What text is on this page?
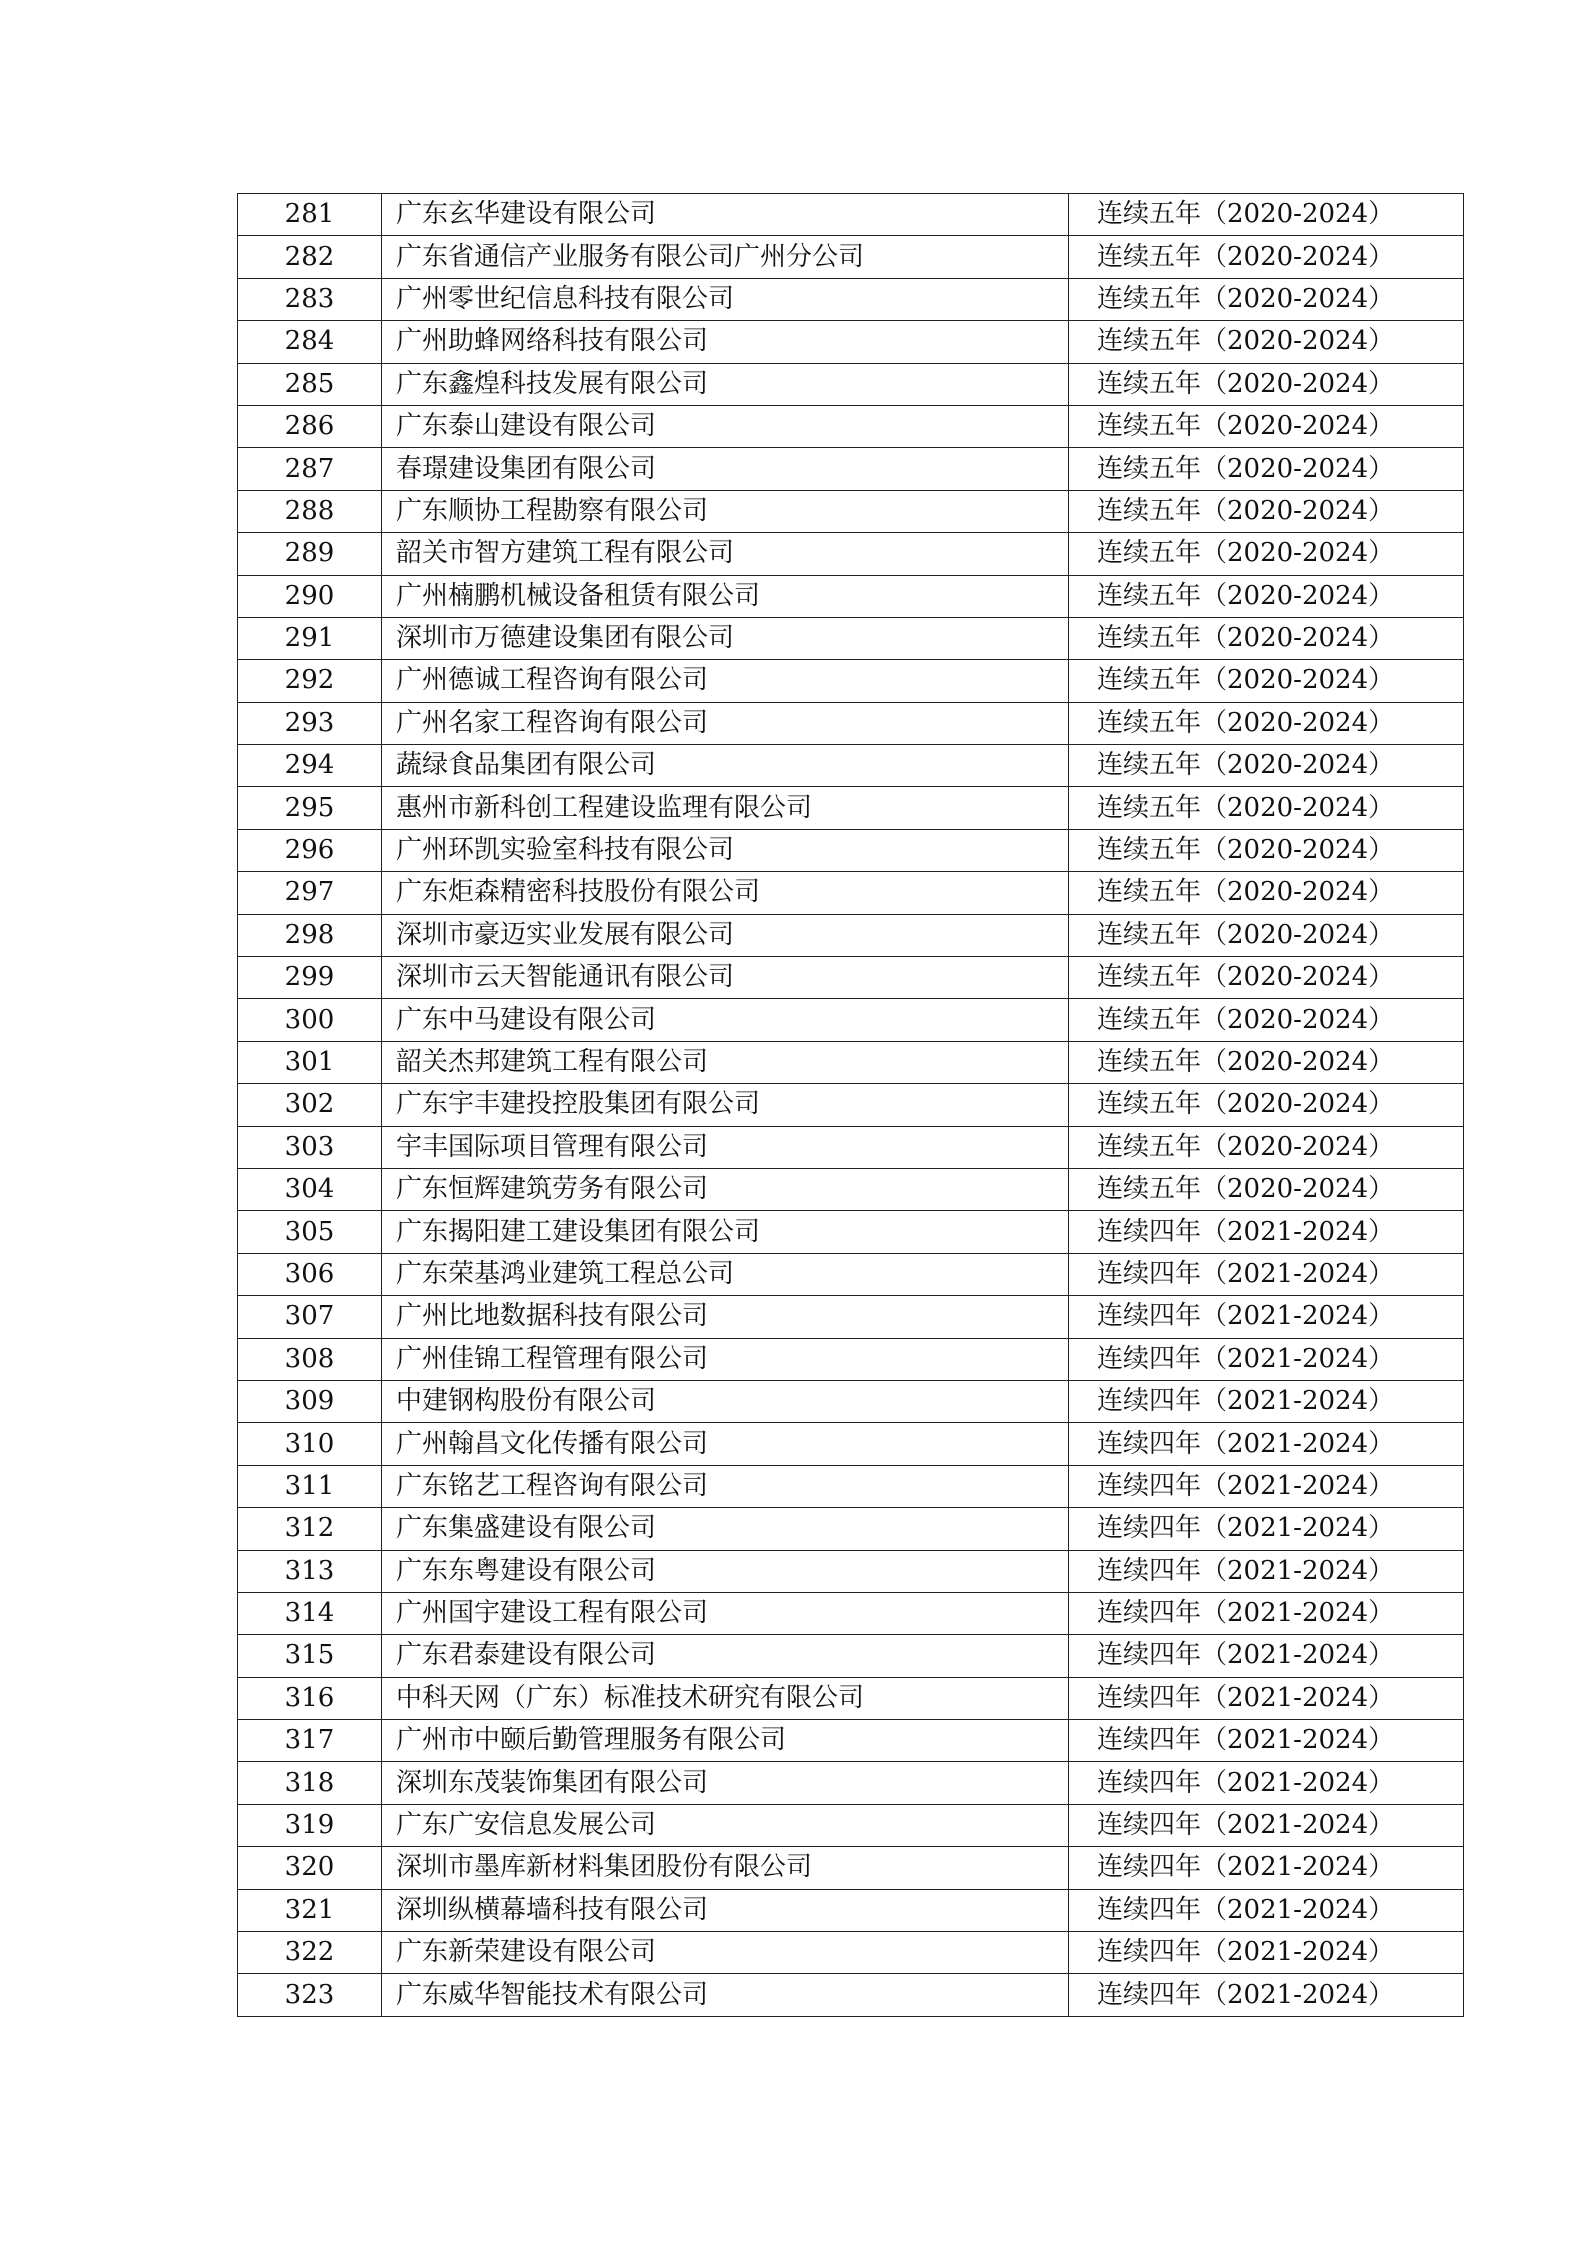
281	广东玄华建设有限公司	连续五年（2020-2024）
282	广东省通信产业服务有限公司广州分公司	连续五年（2020-2024）
283	广州零世纪信息科技有限公司	连续五年（2020-2024）
284	广州助蜂网络科技有限公司	连续五年（2020-2024）
285	广东鑫煌科技发展有限公司	连续五年（2020-2024）
286	广东泰山建设有限公司	连续五年（2020-2024）
287	春璟建设集团有限公司	连续五年（2020-2024）
288	广东顺协工程勘察有限公司	连续五年（2020-2024）
289	韶关市智方建筑工程有限公司	连续五年（2020-2024）
290	广州楠鹏机械设备租赁有限公司	连续五年（2020-2024）
291	深圳市万德建设集团有限公司	连续五年（2020-2024）
292	广州德诚工程咨询有限公司	连续五年（2020-2024）
293	广州名家工程咨询有限公司	连续五年（2020-2024）
294	蔬绿食品集团有限公司	连续五年（2020-2024）
295	惠州市新科创工程建设监理有限公司	连续五年（2020-2024）
296	广州环凯实验室科技有限公司	连续五年（2020-2024）
297	广东炬森精密科技股份有限公司	连续五年（2020-2024）
298	深圳市豪迈实业发展有限公司	连续五年（2020-2024）
299	深圳市云天智能通讯有限公司	连续五年（2020-2024）
300	广东中马建设有限公司	连续五年（2020-2024）
301	韶关杰邦建筑工程有限公司	连续五年（2020-2024）
302	广东宇丰建投控股集团有限公司	连续五年（2020-2024）
303	宇丰国际项目管理有限公司	连续五年（2020-2024）
304	广东恒辉建筑劳务有限公司	连续五年（2020-2024）
305	广东揭阳建工建设集团有限公司	连续四年（2021-2024）
306	广东荣基鸿业建筑工程总公司	连续四年（2021-2024）
307	广州比地数据科技有限公司	连续四年（2021-2024）
308	广州佳锦工程管理有限公司	连续四年（2021-2024）
309	中建钢构股份有限公司	连续四年（2021-2024）
310	广州翰昌文化传播有限公司	连续四年（2021-2024）
311	广东铭艺工程咨询有限公司	连续四年（2021-2024）
312	广东集盛建设有限公司	连续四年（2021-2024）
313	广东东粤建设有限公司	连续四年（2021-2024）
314	广州国宇建设工程有限公司	连续四年（2021-2024）
315	广东君泰建设有限公司	连续四年（2021-2024）
316	中科天网（广东）标准技术研究有限公司	连续四年（2021-2024）
317	广州市中颐后勤管理服务有限公司	连续四年（2021-2024）
318	深圳东茂装饰集团有限公司	连续四年（2021-2024）
319	广东广安信息发展公司	连续四年（2021-2024）
320	深圳市墨库新材料集团股份有限公司	连续四年（2021-2024）
321	深圳纵横幕墙科技有限公司	连续四年（2021-2024）
322	广东新荣建设有限公司	连续四年（2021-2024）
323	广东威华智能技术有限公司	连续四年（2021-2024）
